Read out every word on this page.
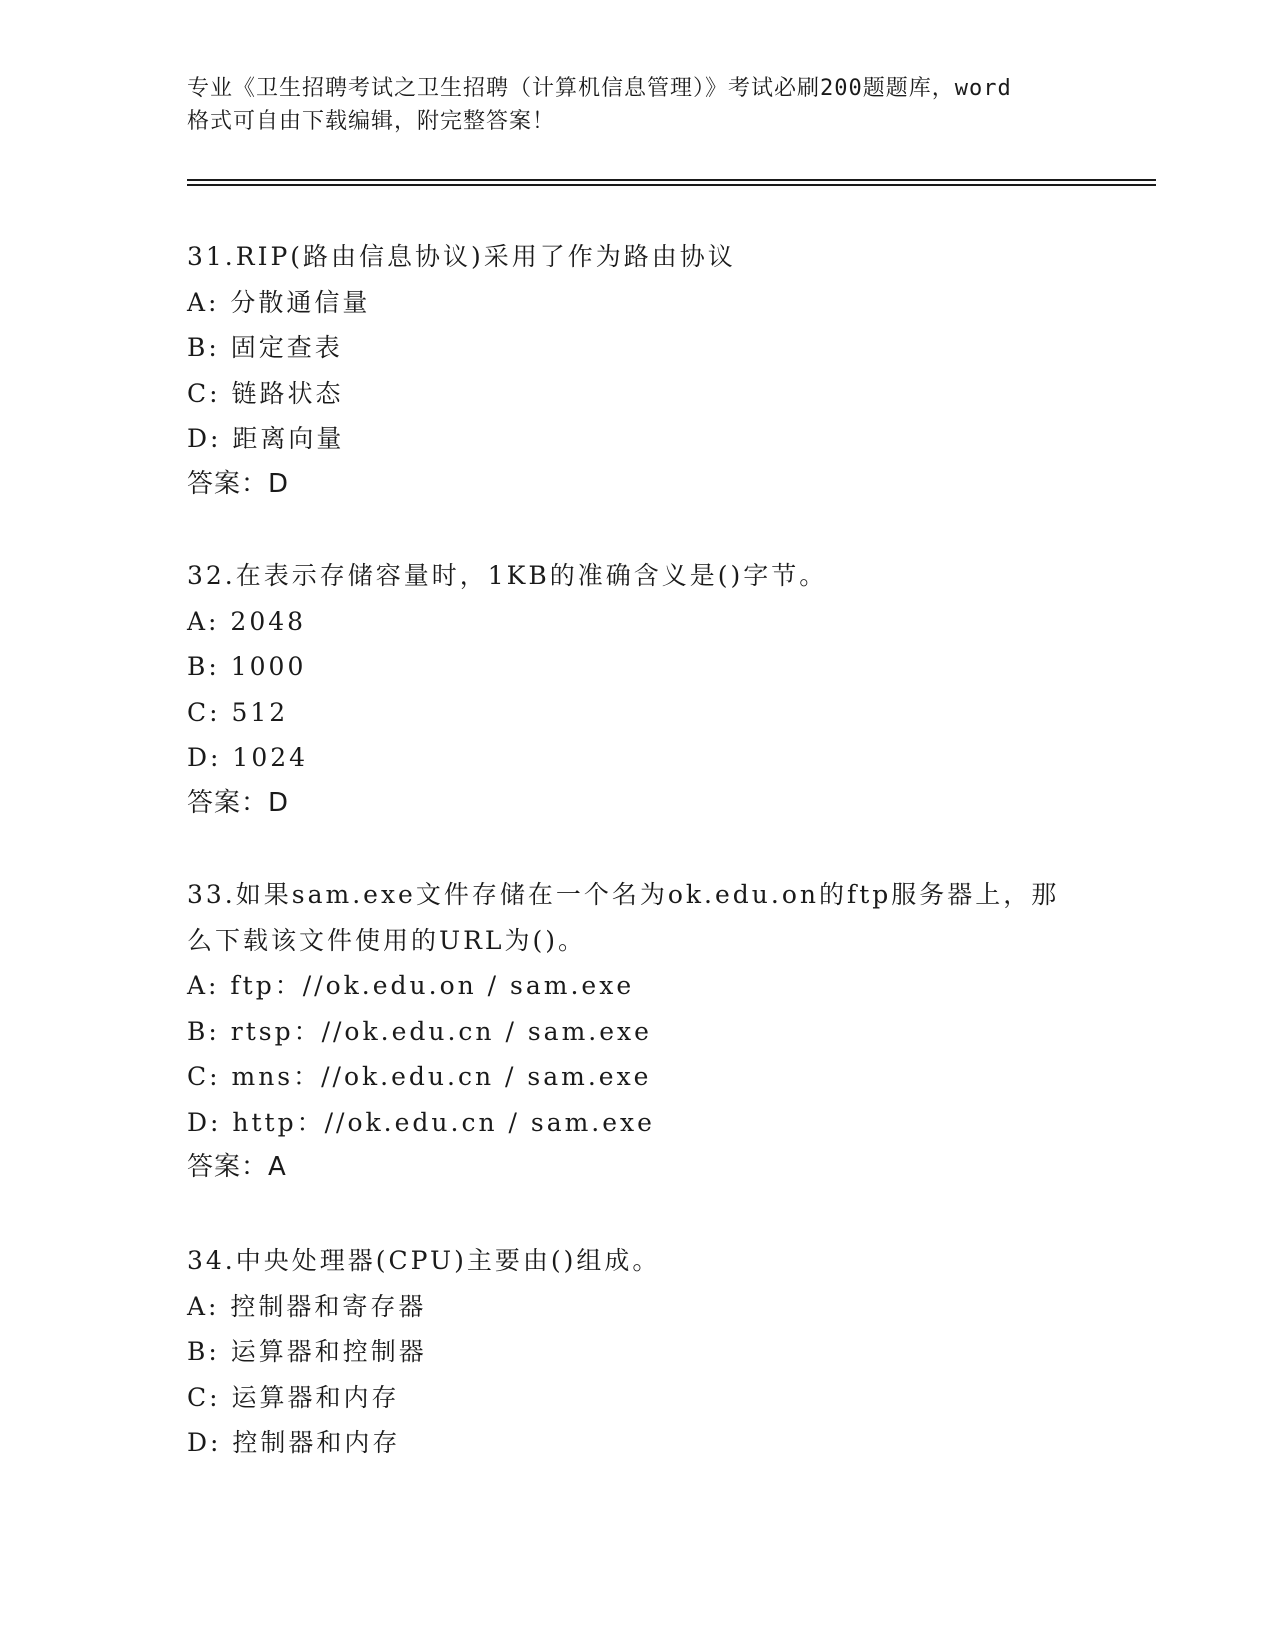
专业《卫生招聘考试之卫生招聘（计算机信息管理）》考试必刷200题题库，word
格式可自由下载编辑，附完整答案！
31.RIP(路由信息协议)采用了作为路由协议
A: 分散通信量
B: 固定查表
C: 链路状态
D: 距离向量
答案：D
32.在表示存储容量时，1KB的准确含义是()字节。
A: 2048
B: 1000
C: 512
D: 1024
答案：D
33.如果sam.exe文件存储在一个名为ok.edu.on的ftp服务器上，那
么下载该文件使用的URL为()。
A: ftp：//ok.edu.on / sam.exe
B: rtsp：//ok.edu.cn / sam.exe
C: mns：//ok.edu.cn / sam.exe
D: http：//ok.edu.cn / sam.exe
答案：A
34.中央处理器(CPU)主要由()组成。
A: 控制器和寄存器
B: 运算器和控制器
C: 运算器和内存
D: 控制器和内存
